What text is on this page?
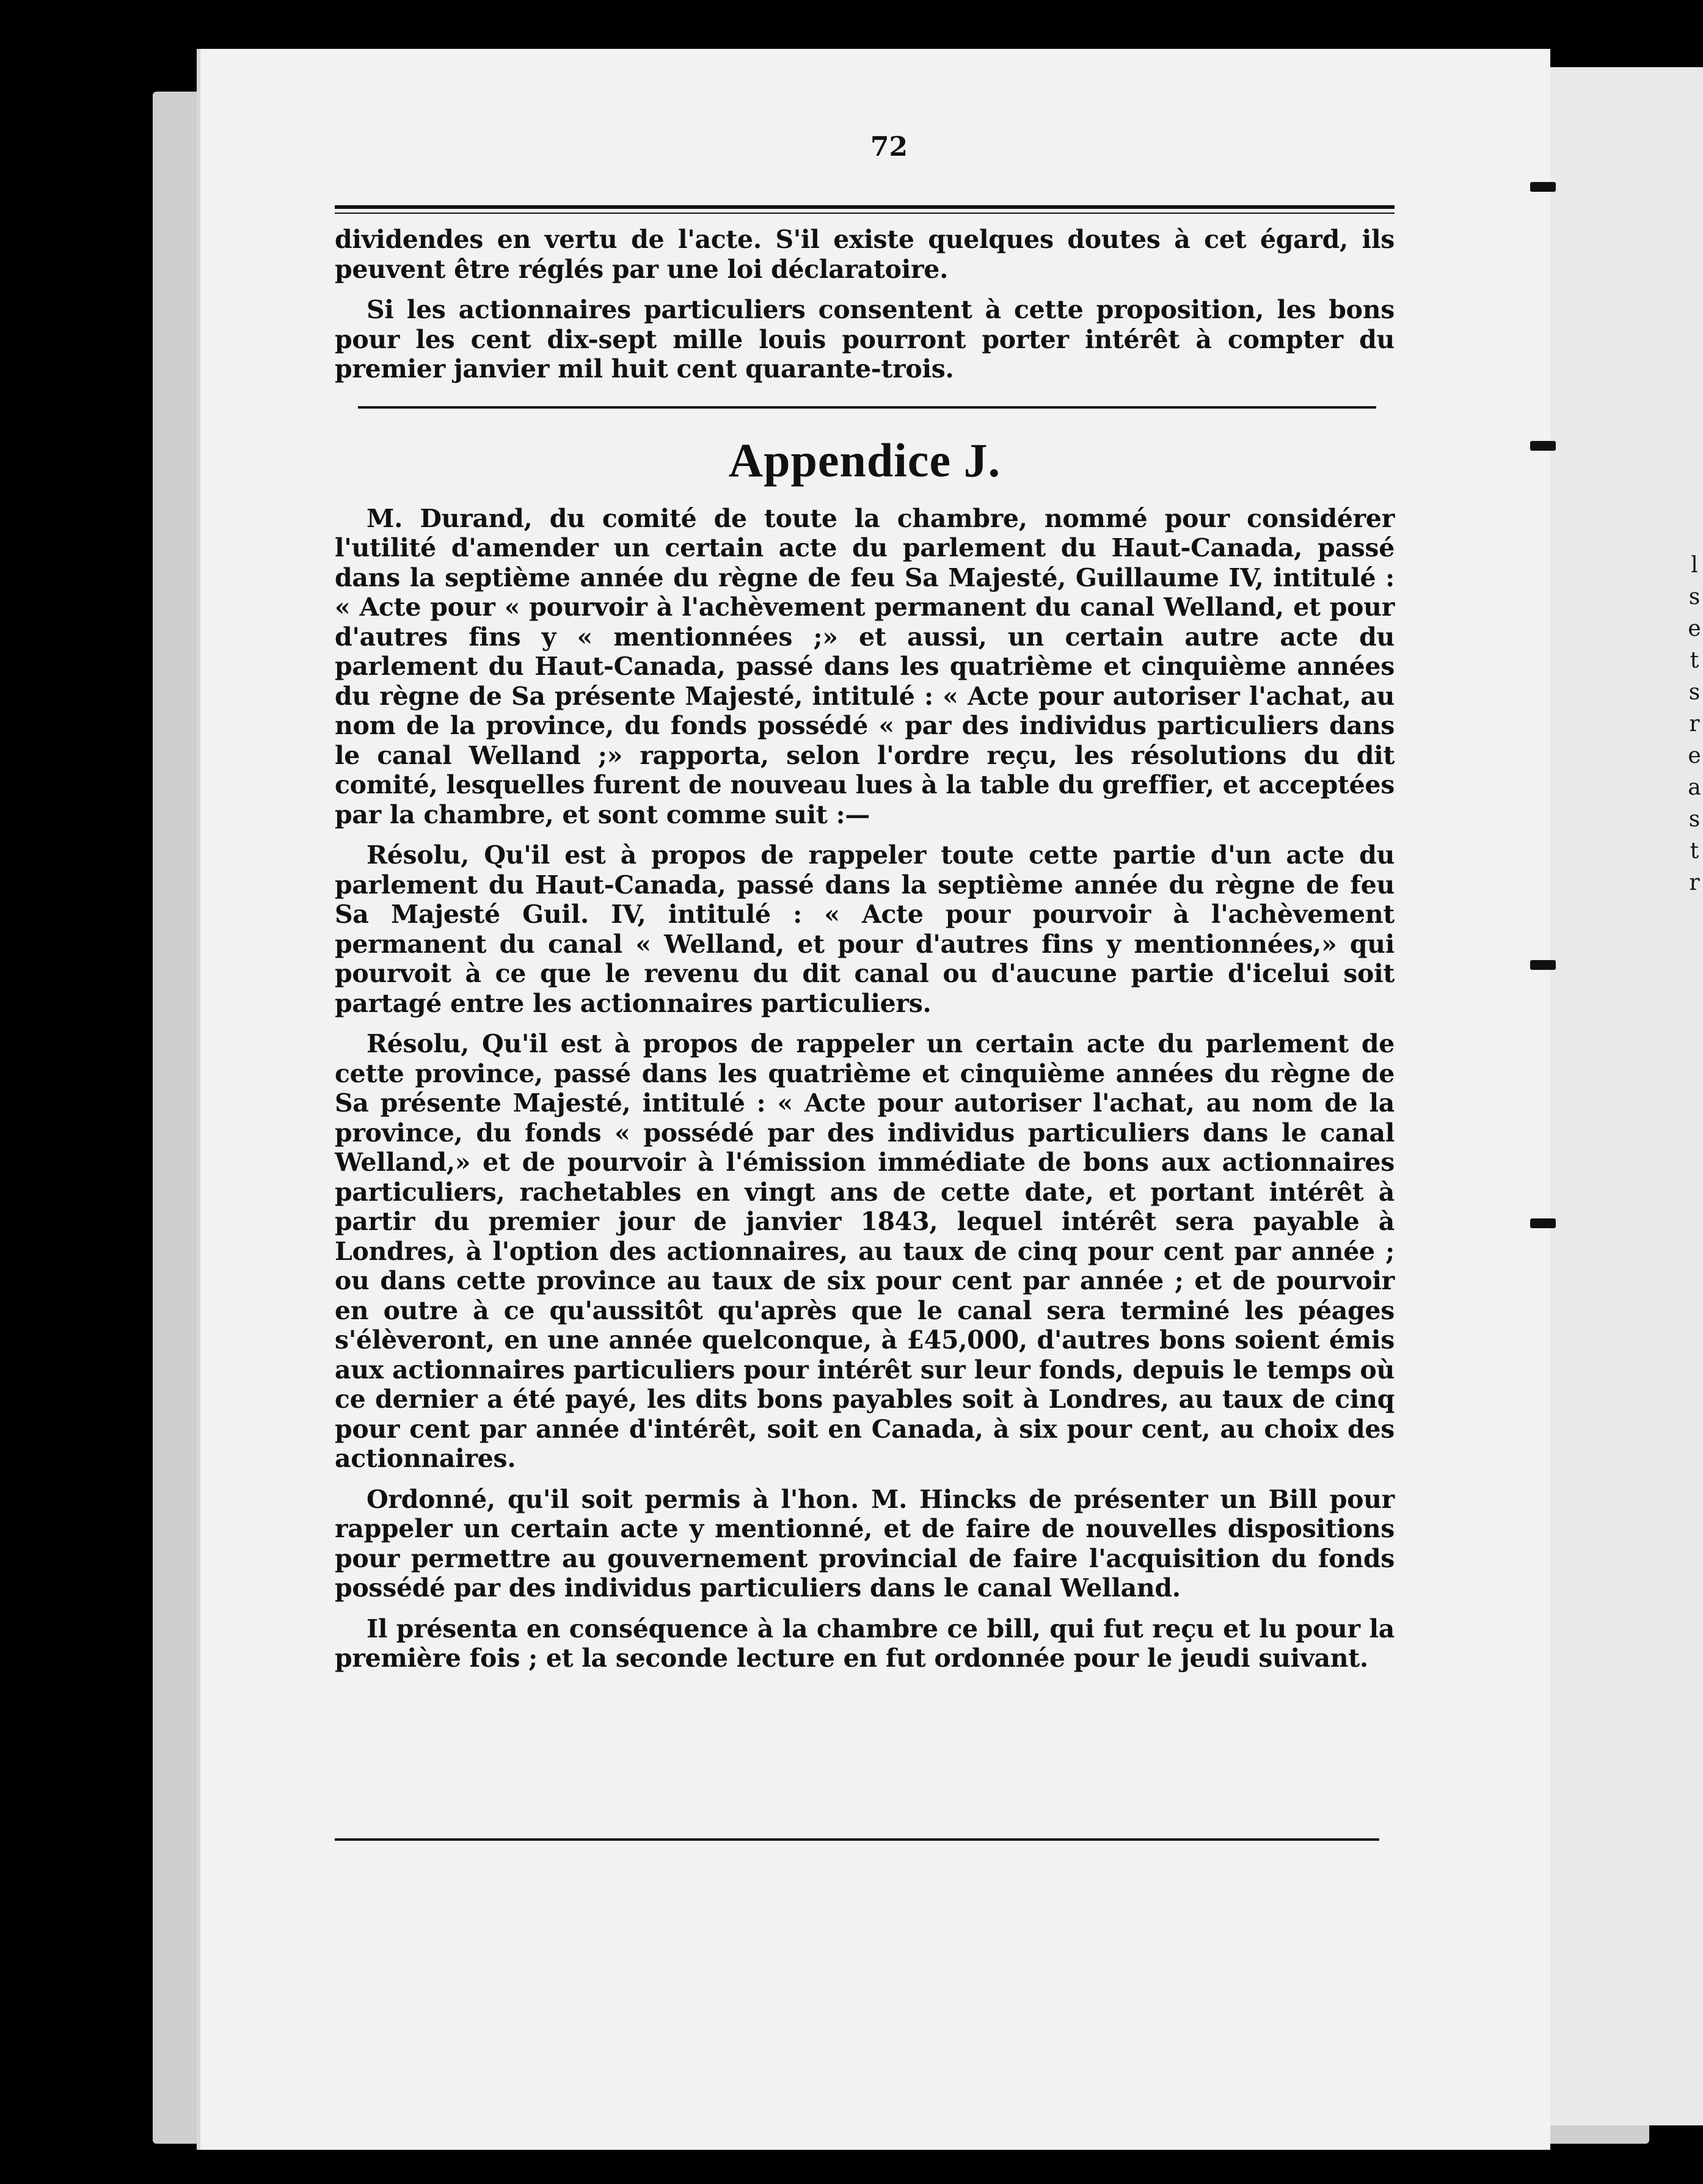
l s e t s r e a s t r
72

dividendes en vertu de l'acte. S'il existe quelques doutes à cet égard, ils peuvent être réglés par une loi déclaratoire.

Si les actionnaires particuliers consentent à cette proposition, les bons pour les cent dix-sept mille louis pourront porter intérêt à compter du premier janvier mil huit cent quarante-trois.

Appendice J.

M. Durand, du comité de toute la chambre, nommé pour considérer l'utilité d'amender un certain acte du parlement du Haut-Canada, passé dans la septième année du règne de feu Sa Majesté, Guillaume IV, intitulé : « Acte pour « pourvoir à l'achèvement permanent du canal Welland, et pour d'autres fins y « mentionnées ;» et aussi, un certain autre acte du parlement du Haut-Canada, passé dans les quatrième et cinquième années du règne de Sa présente Majesté, intitulé : « Acte pour autoriser l'achat, au nom de la province, du fonds possédé « par des individus particuliers dans le canal Welland ;» rapporta, selon l'ordre reçu, les résolutions du dit comité, lesquelles furent de nouveau lues à la table du greffier, et acceptées par la chambre, et sont comme suit :—

Résolu, Qu'il est à propos de rappeler toute cette partie d'un acte du parlement du Haut-Canada, passé dans la septième année du règne de feu Sa Majesté Guil. IV, intitulé : « Acte pour pourvoir à l'achèvement permanent du canal « Welland, et pour d'autres fins y mentionnées,» qui pourvoit à ce que le revenu du dit canal ou d'aucune partie d'icelui soit partagé entre les actionnaires particuliers.

Résolu, Qu'il est à propos de rappeler un certain acte du parlement de cette province, passé dans les quatrième et cinquième années du règne de Sa présente Majesté, intitulé : « Acte pour autoriser l'achat, au nom de la province, du fonds « possédé par des individus particuliers dans le canal Welland,» et de pourvoir à l'émission immédiate de bons aux actionnaires particuliers, rachetables en vingt ans de cette date, et portant intérêt à partir du premier jour de janvier 1843, lequel intérêt sera payable à Londres, à l'option des actionnaires, au taux de cinq pour cent par année ; ou dans cette province au taux de six pour cent par année ; et de pourvoir en outre à ce qu'aussitôt qu'après que le canal sera terminé les péages s'élèveront, en une année quelconque, à £45,000, d'autres bons soient émis aux actionnaires particuliers pour intérêt sur leur fonds, depuis le temps où ce dernier a été payé, les dits bons payables soit à Londres, au taux de cinq pour cent par année d'intérêt, soit en Canada, à six pour cent, au choix des actionnaires.

Ordonné, qu'il soit permis à l'hon. M. Hincks de présenter un Bill pour rappeler un certain acte y mentionné, et de faire de nouvelles dispositions pour permettre au gouvernement provincial de faire l'acquisition du fonds possédé par des individus particuliers dans le canal Welland.

Il présenta en conséquence à la chambre ce bill, qui fut reçu et lu pour la première fois ; et la seconde lecture en fut ordonnée pour le jeudi suivant.
